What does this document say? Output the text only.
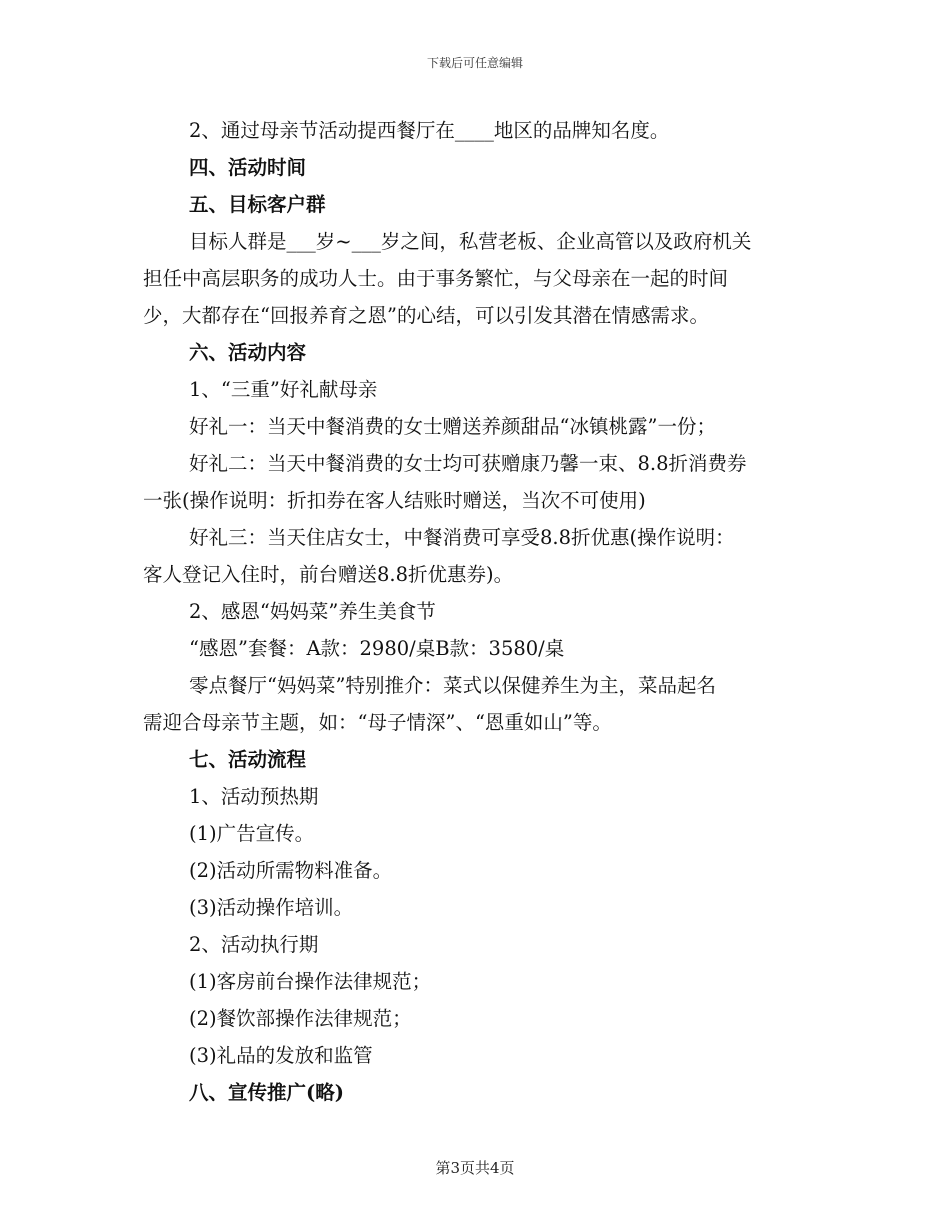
下载后可任意编辑
2、通过母亲节活动提西餐厅在____地区的品牌知名度。
四、活动时间
五、目标客户群
目标人群是___岁~___岁之间，私营老板、企业高管以及政府机关
担任中高层职务的成功人士。由于事务繁忙，与父母亲在一起的时间
少，大都存在“回报养育之恩”的心结，可以引发其潜在情感需求。
六、活动内容
1、“三重”好礼献母亲
好礼一：当天中餐消费的女士赠送养颜甜品“冰镇桃露”一份；
好礼二：当天中餐消费的女士均可获赠康乃馨一束、8.8折消费券
一张(操作说明：折扣券在客人结账时赠送，当次不可使用)
好礼三：当天住店女士，中餐消费可享受8.8折优惠(操作说明：
客人登记入住时，前台赠送8.8折优惠券)。
2、感恩“妈妈菜”养生美食节
“感恩”套餐：A款：2980/桌B款：3580/桌
零点餐厅“妈妈菜”特别推介：菜式以保健养生为主，菜品起名
需迎合母亲节主题，如：“母子情深”、“恩重如山”等。
七、活动流程
1、活动预热期
(1)广告宣传。
(2)活动所需物料准备。
(3)活动操作培训。
2、活动执行期
(1)客房前台操作法律规范；
(2)餐饮部操作法律规范；
(3)礼品的发放和监管
八、宣传推广(略)
第3页共4页
